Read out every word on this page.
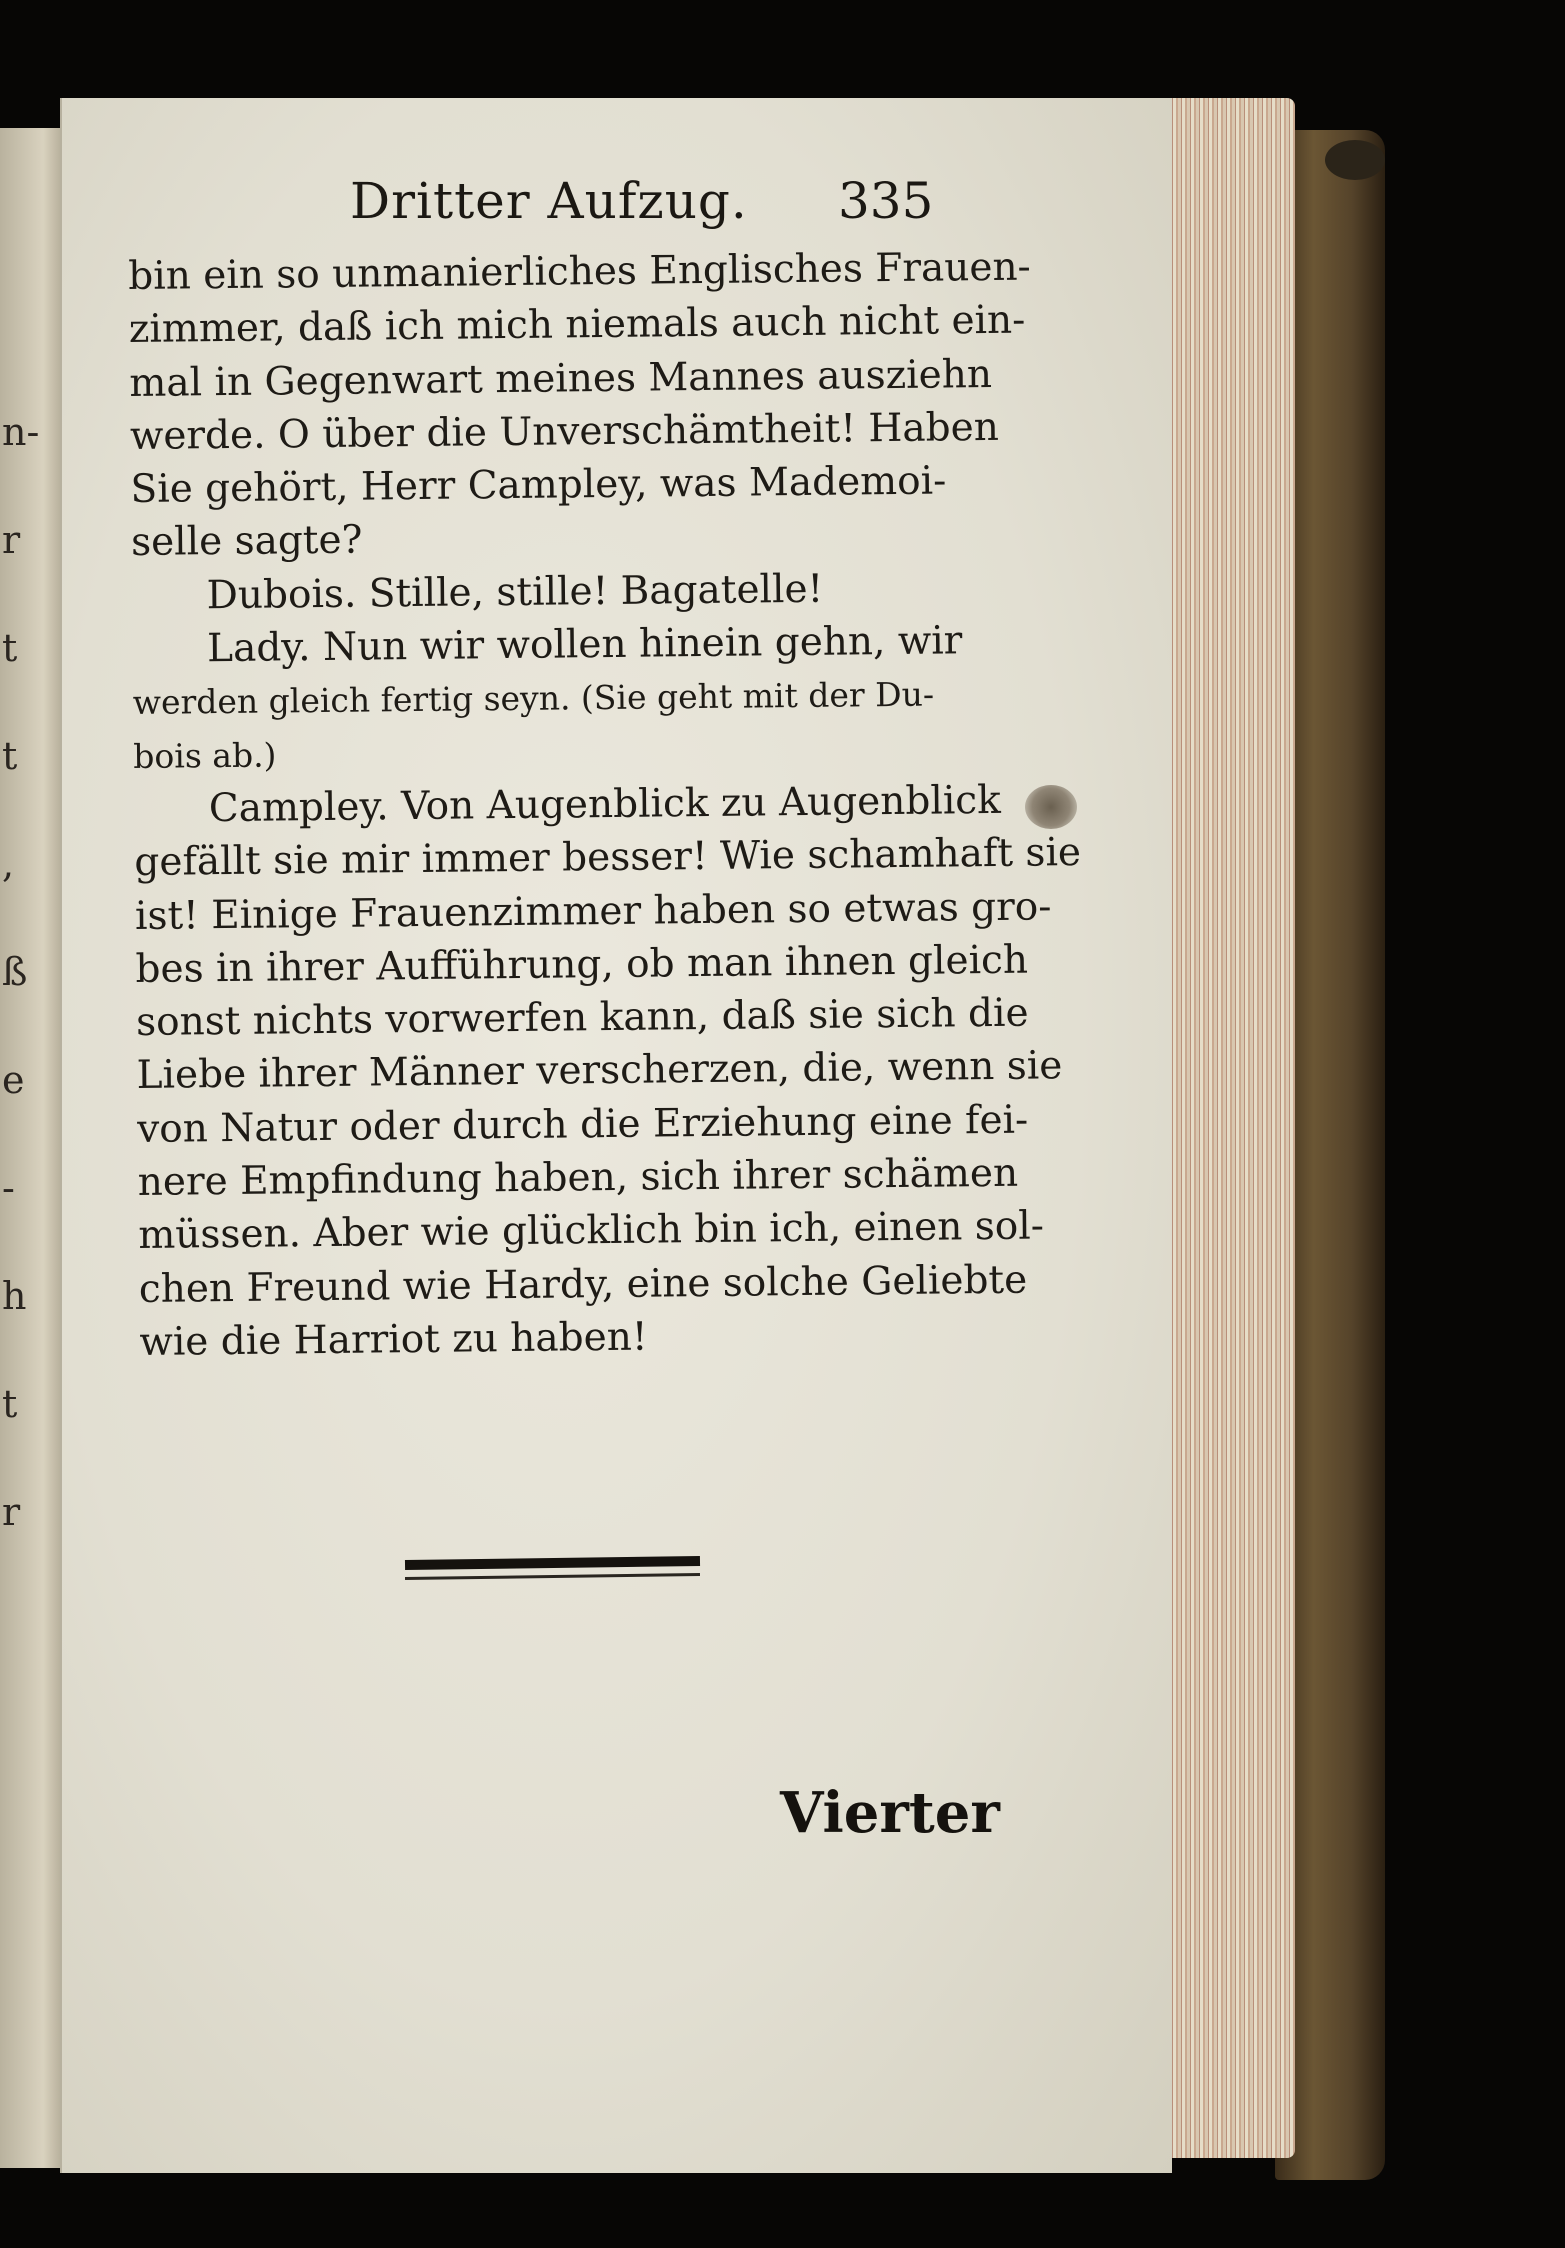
n-
r
t
t
,
ß
e
-
h
t
r
Dritter Aufzug. 335
bin ein so unmanierliches Englisches Frauen-
zimmer, daß ich mich niemals auch nicht ein-
mal in Gegenwart meines Mannes ausziehn
werde. O über die Unverschämtheit! Haben
Sie gehört, Herr Campley, was Mademoi-
selle sagte?
Dubois. Stille, stille! Bagatelle!
Lady. Nun wir wollen hinein gehn, wir
werden gleich fertig seyn. (Sie geht mit der Du-
bois ab.)
Campley. Von Augenblick zu Augenblick
gefällt sie mir immer besser! Wie schamhaft sie
ist! Einige Frauenzimmer haben so etwas gro-
bes in ihrer Aufführung, ob man ihnen gleich
sonst nichts vorwerfen kann, daß sie sich die
Liebe ihrer Männer verscherzen, die, wenn sie
von Natur oder durch die Erziehung eine fei-
nere Empfindung haben, sich ihrer schämen
müssen. Aber wie glücklich bin ich, einen sol-
chen Freund wie Hardy, eine solche Geliebte
wie die Harriot zu haben!
Vierter
